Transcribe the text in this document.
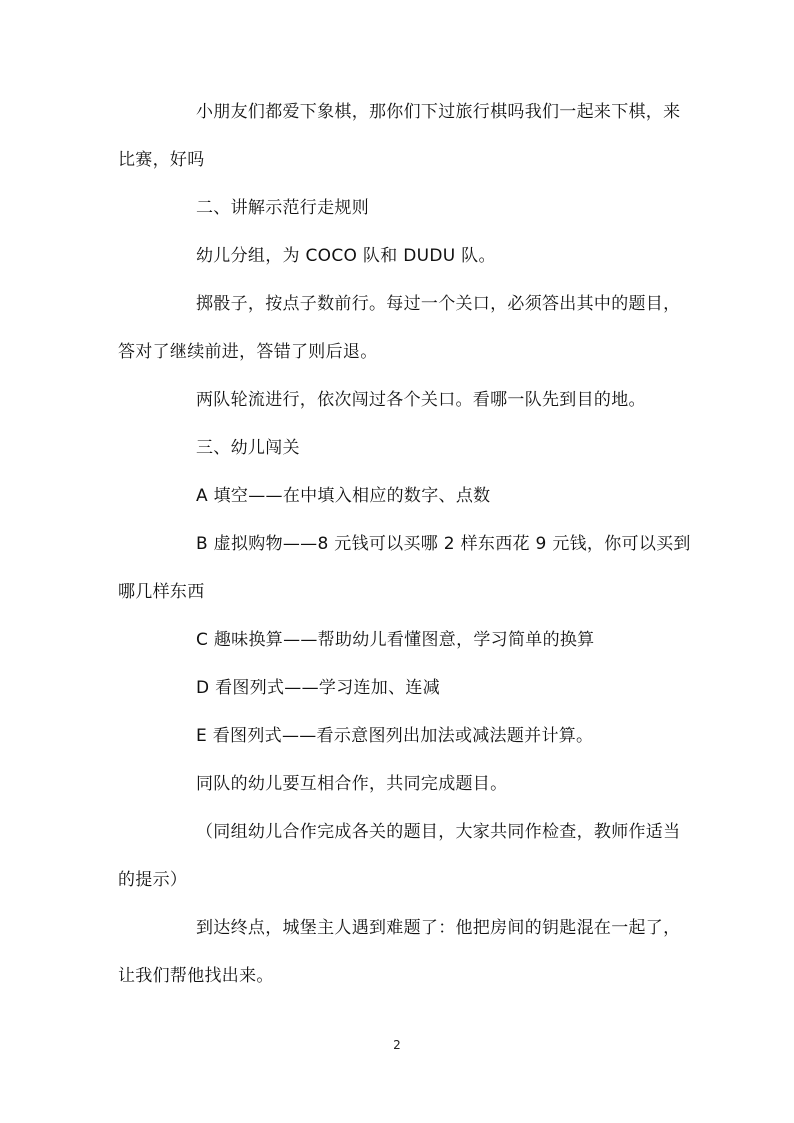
小朋友们都爱下象棋，那你们下过旅行棋吗我们一起来下棋，来比赛，好吗

二、讲解示范行走规则

幼儿分组，为 COCO 队和 DUDU 队。

掷骰子，按点子数前行。每过一个关口，必须答出其中的题目，答对了继续前进，答错了则后退。

两队轮流进行，依次闯过各个关口。看哪一队先到目的地。

三、幼儿闯关

A 填空——在中填入相应的数字、点数

B 虚拟购物——8 元钱可以买哪 2 样东西花 9 元钱，你可以买到哪几样东西

C 趣味换算——帮助幼儿看懂图意，学习简单的换算

D 看图列式——学习连加、连减

E 看图列式——看示意图列出加法或减法题并计算。

同队的幼儿要互相合作，共同完成题目。

（同组幼儿合作完成各关的题目，大家共同作检查，教师作适当的提示）

到达终点，城堡主人遇到难题了：他把房间的钥匙混在一起了，让我们帮他找出来。

2
